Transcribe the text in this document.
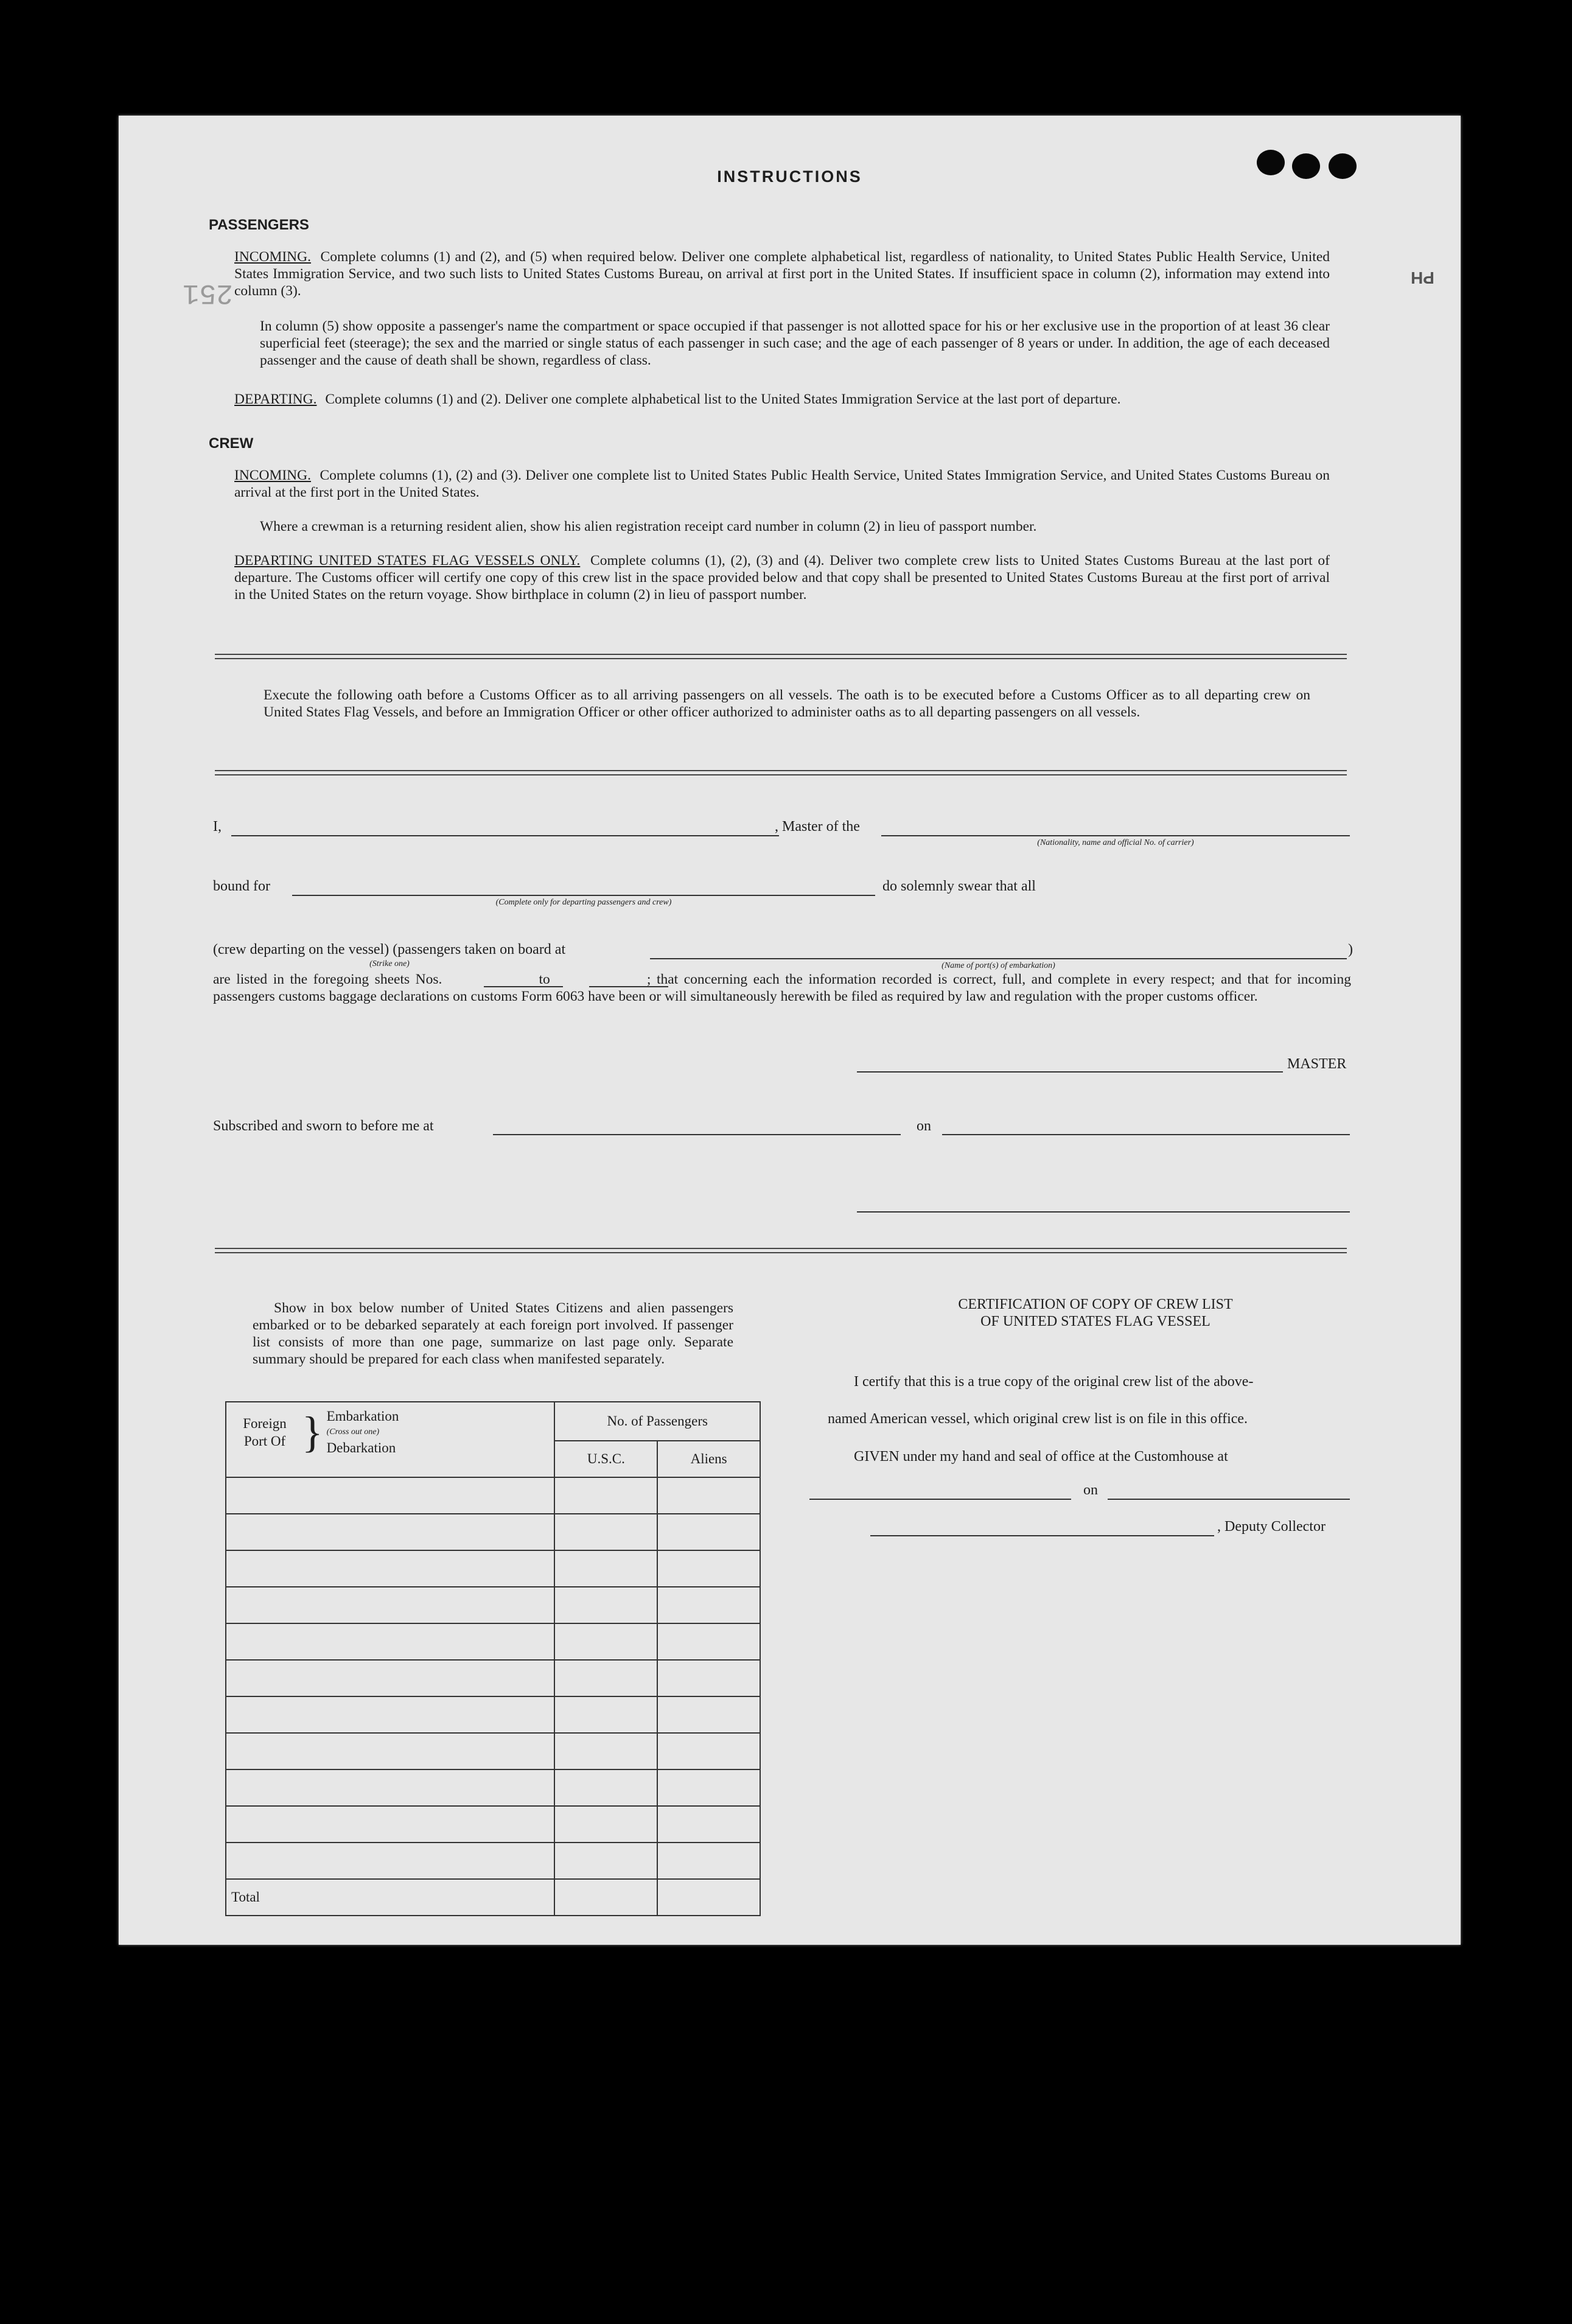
INSTRUCTIONS
PASSENGERS
INCOMING. Complete columns (1) and (2), and (5) when required below. Deliver one complete alphabetical list, regardless of nationality, to United States Public Health Service, United States Immigration Service, and two such lists to United States Customs Bureau, on arrival at first port in the United States. If insufficient space in column (2), information may extend into column (3).
In column (5) show opposite a passenger's name the compartment or space occupied if that passenger is not allotted space for his or her exclusive use in the proportion of at least 36 clear superficial feet (steerage); the sex and the married or single status of each passenger in such case; and the age of each passenger of 8 years or under. In addition, the age of each deceased passenger and the cause of death shall be shown, regardless of class.
DEPARTING. Complete columns (1) and (2). Deliver one complete alphabetical list to the United States Immigration Service at the last port of departure.
CREW
INCOMING. Complete columns (1), (2) and (3). Deliver one complete list to United States Public Health Service, United States Immigration Service, and United States Customs Bureau on arrival at the first port in the United States.
Where a crewman is a returning resident alien, show his alien registration receipt card number in column (2) in lieu of passport number.
DEPARTING UNITED STATES FLAG VESSELS ONLY. Complete columns (1), (2), (3) and (4). Deliver two complete crew lists to United States Customs Bureau at the last port of departure. The Customs officer will certify one copy of this crew list in the space provided below and that copy shall be presented to United States Customs Bureau at the first port of arrival in the United States on the return voyage. Show birthplace in column (2) in lieu of passport number.
Execute the following oath before a Customs Officer as to all arriving passengers on all vessels. The oath is to be executed before a Customs Officer as to all departing crew on United States Flag Vessels, and before an Immigration Officer or other officer authorized to administer oaths as to all departing passengers on all vessels.
I,	, Master of the
(Nationality, name and official No. of carrier)
bound for
(Complete only for departing passengers and crew)
do solemnly swear that all
(crew departing on the vessel) (passengers taken on board at
(Strike one)	(Name of port(s) of embarkation)
)
are listed in the foregoing sheets Nos.	to	; that concerning each the information recorded is correct, full, and complete in every respect; and that for incoming passengers customs baggage declarations on customs Form 6063 have been or will simultaneously herewith be filed as required by law and regulation with the proper customs officer.
MASTER
Subscribed and sworn to before me at	on
Show in box below number of United States Citizens and alien passengers embarked or to be debarked separately at each foreign port involved. If passenger list consists of more than one page, summarize on last page only. Separate summary should be prepared for each class when manifested separately.
Foreign Port Of } Embarkation
(Cross out one)
Debarkation	No. of Passengers	
	U.S.C.	Aliens

Total		
CERTIFICATION OF COPY OF CREW LIST
OF UNITED STATES FLAG VESSEL
I certify that this is a true copy of the original crew list of the above-
named American vessel, which original crew list is on file in this office.
GIVEN under my hand and seal of office at the Customhouse at
on
, Deputy Collector
PH
251
